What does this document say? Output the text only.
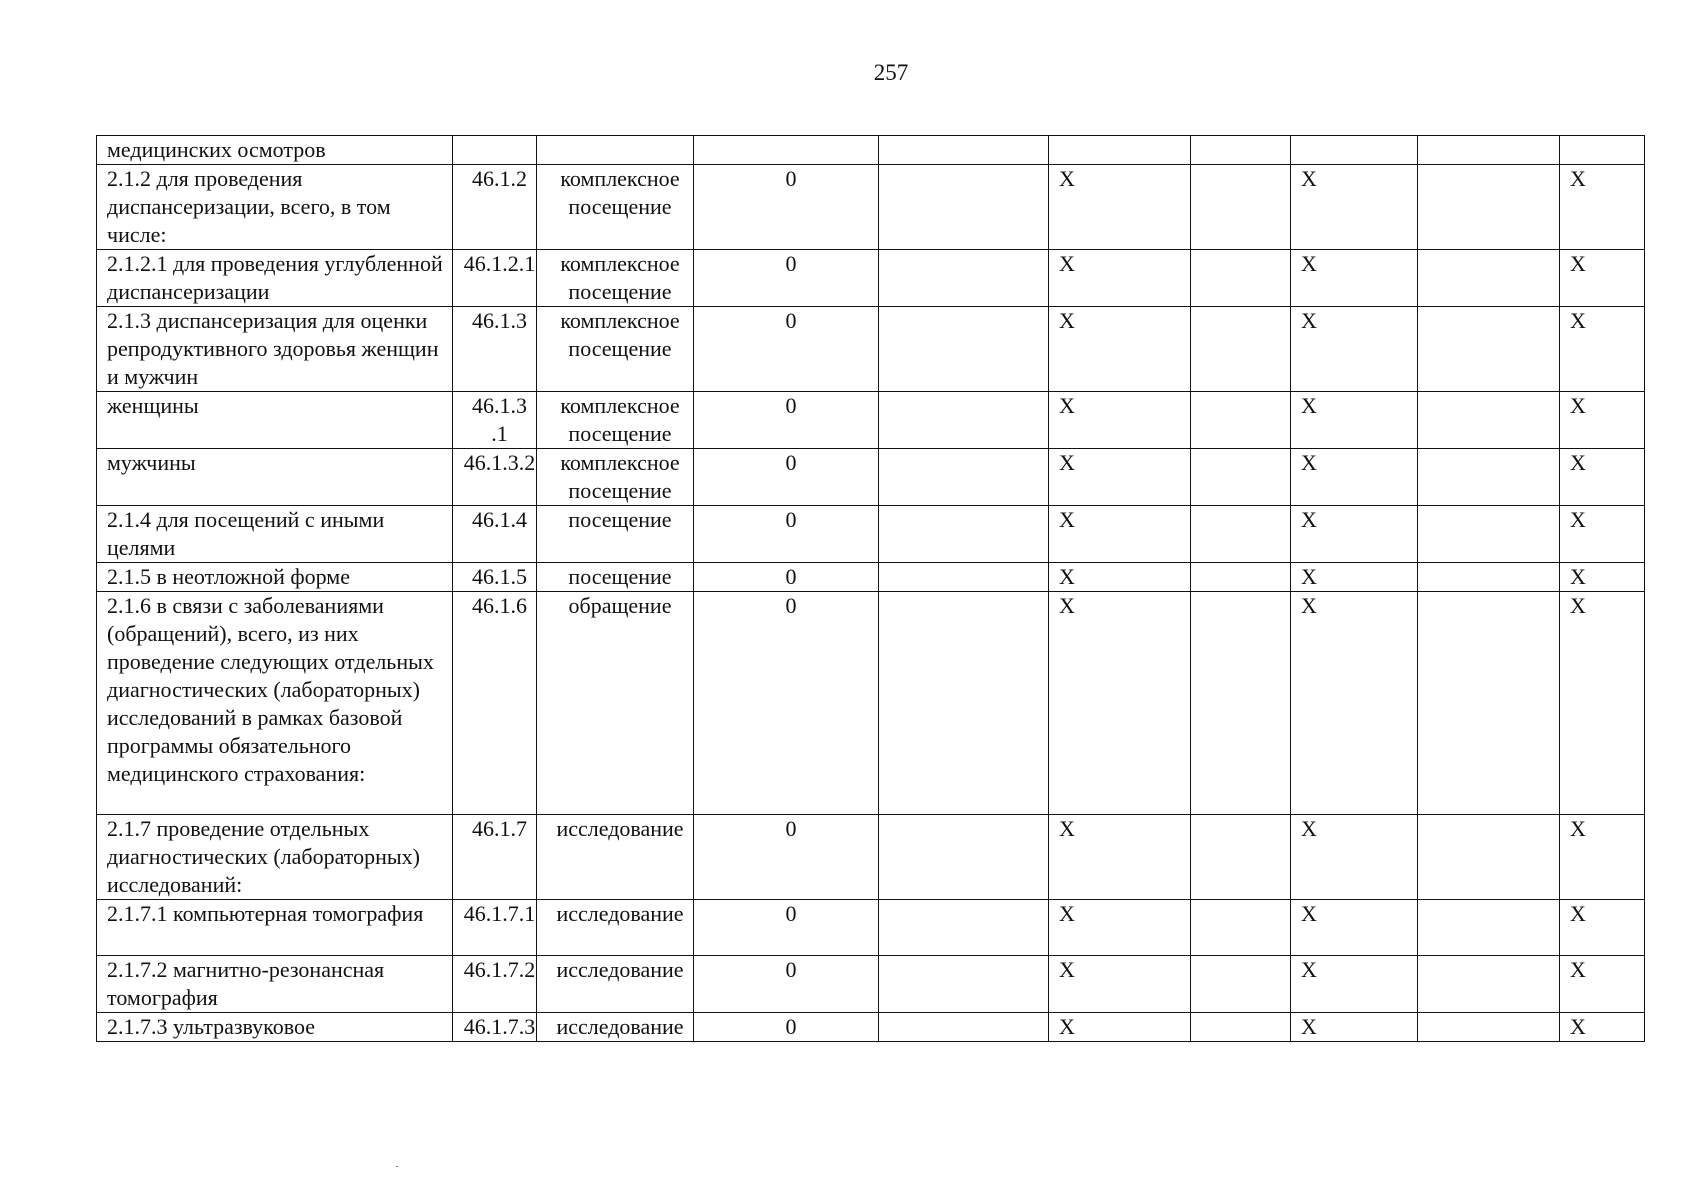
257
медицинских осмотров									
2.1.2 для проведения диспансеризации, всего, в том числе:	46.1.2	комплексное посещение	0		Х		Х		Х
2.1.2.1 для проведения углубленной диспансеризации	46.1.2.1	комплексное посещение	0		Х		Х		Х
2.1.3 диспансеризация для оценки репродуктивного здоровья женщин и мужчин	46.1.3	комплексное посещение	0		Х		Х		Х
женщины	46.1.3 .1	комплексное посещение	0		Х		Х		Х
мужчины	46.1.3.2	комплексное посещение	0		Х		Х		Х
2.1.4 для посещений с иными целями	46.1.4	посещение	0		Х		Х		Х
2.1.5 в неотложной форме	46.1.5	посещение	0		Х		Х		Х
2.1.6 в связи с заболеваниями (обращений), всего, из них проведение следующих отдельных диагностических (лабораторных) исследований в рамках базовой программы обязательного медицинского страхования:	46.1.6	обращение	0		Х		Х		Х
2.1.7 проведение отдельных диагностических (лабораторных) исследований:	46.1.7	исследование	0		Х		Х		Х
2.1.7.1 компьютерная томография	46.1.7.1	исследование	0		Х		Х		Х
2.1.7.2 магнитно-резонансная томография	46.1.7.2	исследование	0		Х		Х		Х
2.1.7.3 ультразвуковое	46.1.7.3	исследование	0		Х		Х		Х
